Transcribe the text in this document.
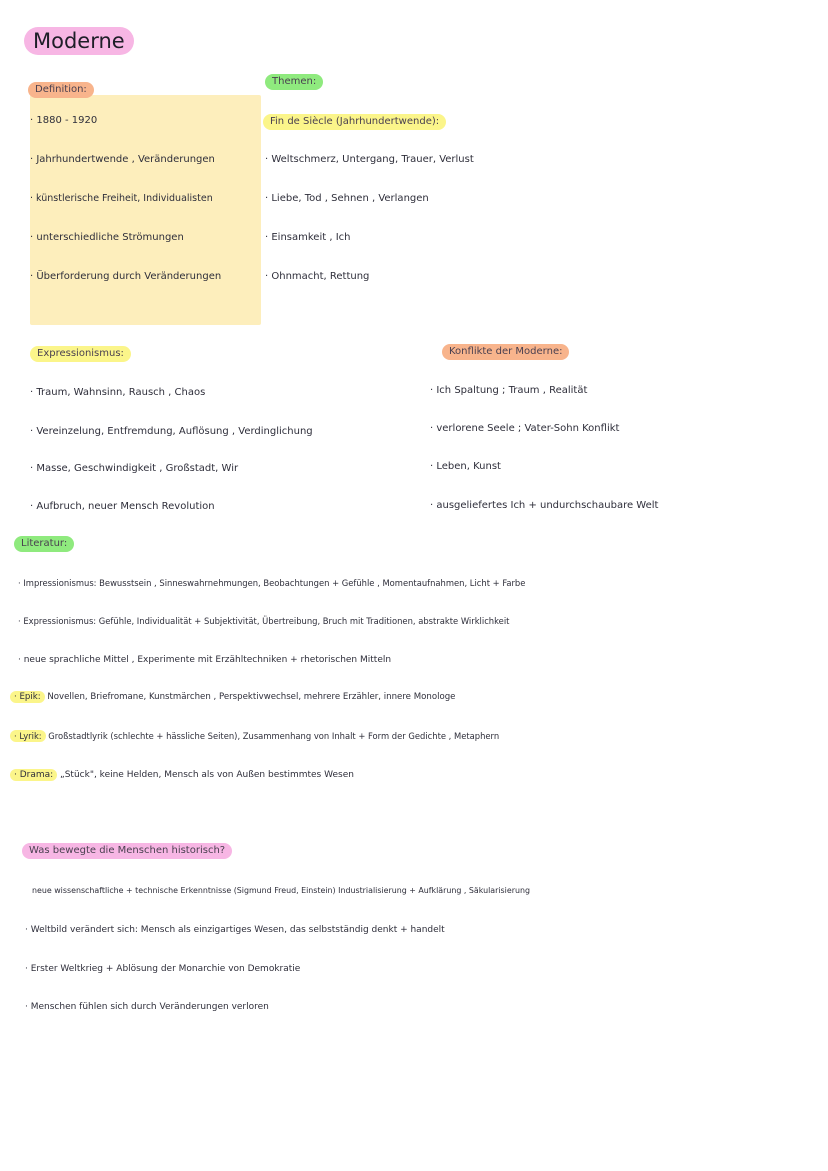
Moderne
Definition:
· 1880 - 1920
· Jahrhundertwende , Veränderungen
· künstlerische Freiheit, Individualisten
· unterschiedliche Strömungen
· Überforderung durch Veränderungen
Themen:
Fin de Siècle (Jahrhundertwende):
· Weltschmerz, Untergang, Trauer, Verlust
· Liebe, Tod , Sehnen , Verlangen
· Einsamkeit , Ich
· Ohnmacht, Rettung
Expressionismus:
· Traum, Wahnsinn, Rausch , Chaos
· Vereinzelung, Entfremdung, Auflösung , Verdinglichung
· Masse, Geschwindigkeit , Großstadt, Wir
· Aufbruch, neuer Mensch Revolution
Konflikte der Moderne:
· Ich Spaltung ; Traum , Realität
· verlorene Seele ; Vater-Sohn Konflikt
· Leben, Kunst
· ausgeliefertes Ich + undurchschaubare Welt
Literatur:
· Impressionismus: Bewusstsein , Sinneswahrnehmungen, Beobachtungen + Gefühle , Momentaufnahmen, Licht + Farbe
· Expressionismus: Gefühle, Individualität + Subjektivität, Übertreibung, Bruch mit Traditionen, abstrakte Wirklichkeit
· neue sprachliche Mittel , Experimente mit Erzähltechniken + rhetorischen Mitteln
· Epik: Novellen, Briefromane, Kunstmärchen , Perspektivwechsel, mehrere Erzähler, innere Monologe
· Lyrik: Großstadtlyrik (schlechte + hässliche Seiten), Zusammenhang von Inhalt + Form der Gedichte , Metaphern
· Drama: „Stück", keine Helden, Mensch als von Außen bestimmtes Wesen
Was bewegte die Menschen historisch?
neue wissenschaftliche + technische Erkenntnisse (Sigmund Freud, Einstein) Industrialisierung + Aufklärung , Säkularisierung
· Weltbild verändert sich: Mensch als einzigartiges Wesen, das selbstständig denkt + handelt
· Erster Weltkrieg + Ablösung der Monarchie von Demokratie
· Menschen fühlen sich durch Veränderungen verloren
